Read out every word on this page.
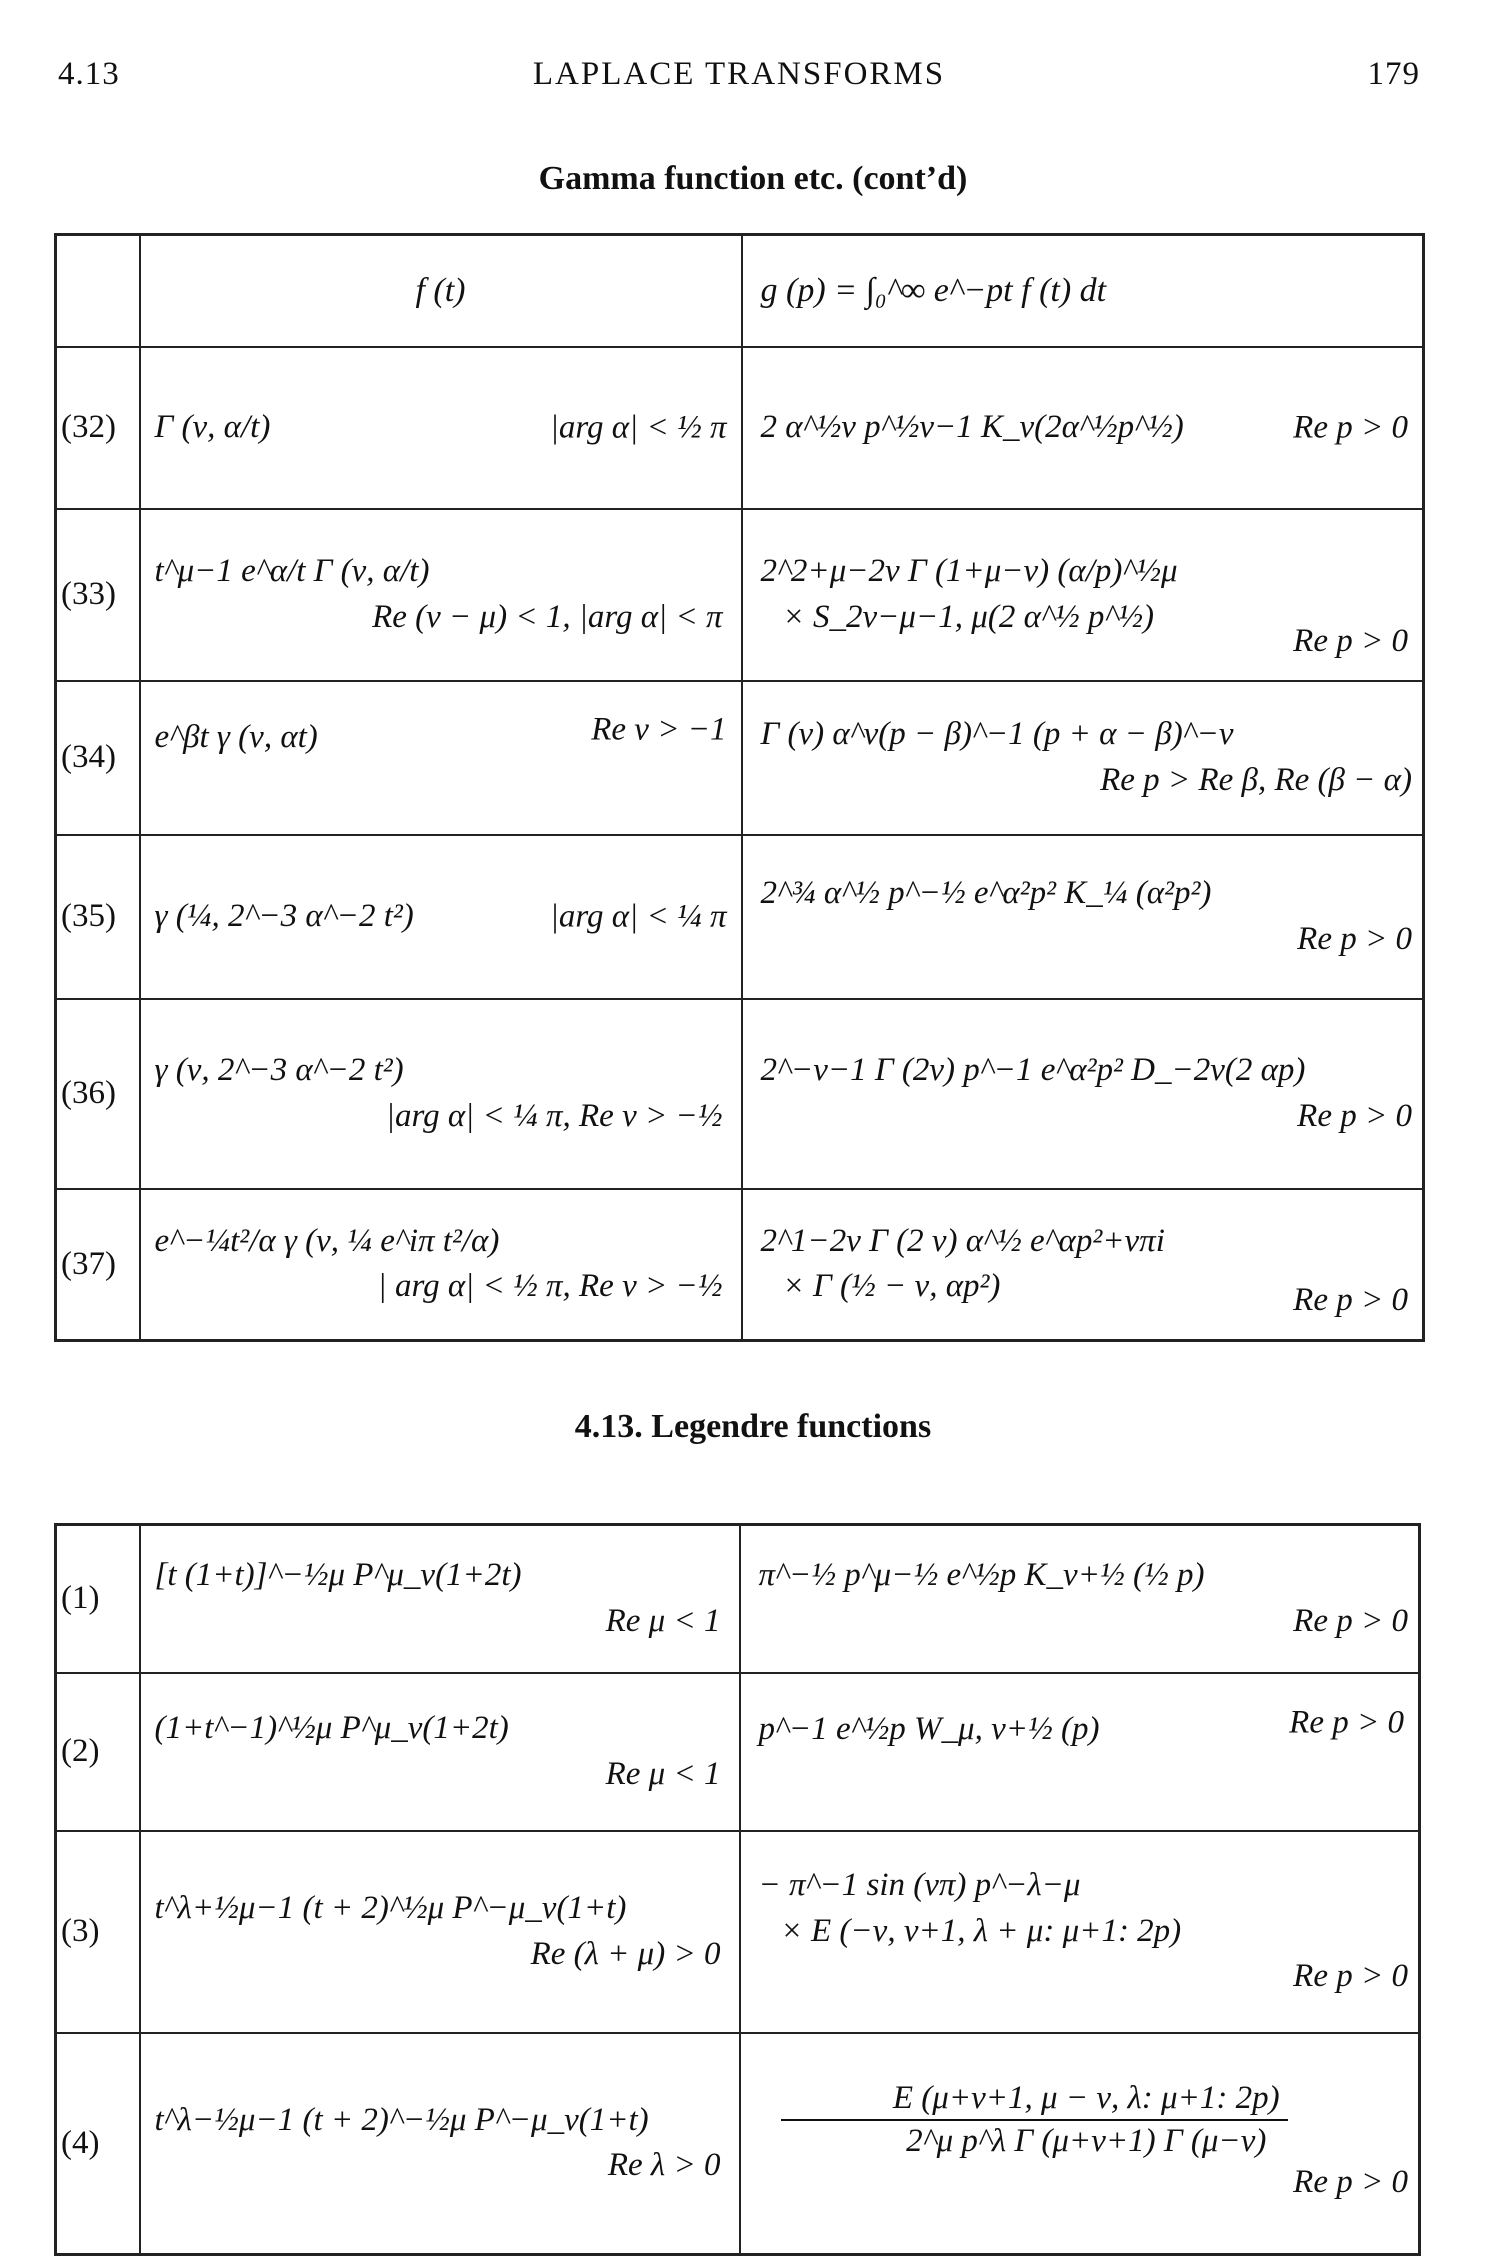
4.13	LAPLACE TRANSFORMS	179
Gamma function etc. (cont’d)
	f (t)	g (p) = ∫₀^∞ e^−pt f (t) dt
(32)	Γ (ν, α/t) |arg α| < ½ π	2 α^½ν p^½ν−1 K_ν(2α^½p^½) Re p > 0

(33)	t^μ−1 e^α/t Γ (ν, α/t)
Re (ν − μ) < 1, |arg α| < π	2^2+μ−2ν Γ (1+μ−ν) (α/p)^½μ
× S_2ν−μ−1, μ(2 α^½ p^½)
Re p > 0

(34)	e^βt γ (ν, αt) Re ν > −1	Γ (ν) α^ν(p − β)^−1 (p + α − β)^−ν
Re p > Re β, Re (β − α)

(35)	γ (¼, 2^−3 α^−2 t²) |arg α| < ¼ π	2^¾ α^½ p^−½ e^α²p² K_¼ (α²p²)
Re p > 0

(36)	γ (ν, 2^−3 α^−2 t²)
|arg α| < ¼ π, Re ν > −½	2^−ν−1 Γ (2ν) p^−1 e^α²p² D_−2ν(2 αp)
Re p > 0

(37)	e^−¼t²/α γ (ν, ¼ e^iπ t²/α)
| arg α| < ½ π, Re ν > −½	2^1−2ν Γ (2 ν) α^½ e^αp²+νπi
× Γ (½ − ν, αp²) Re p > 0
4.13. Legendre functions
(1)	[t (1+t)]^−½μ P^μ_ν(1+2t)
Re μ < 1	π^−½ p^μ−½ e^½p K_ν+½ (½ p)
Re p > 0

(2)	(1+t^−1)^½μ P^μ_ν(1+2t)
Re μ < 1	p^−1 e^½p W_μ, ν+½ (p) Re p > 0

(3)	t^λ+½μ−1 (t + 2)^½μ P^−μ_ν(1+t)
Re (λ + μ) > 0	− π^−1 sin (νπ) p^−λ−μ
× E (−ν, ν+1, λ + μ: μ+1: 2p)
Re p > 0

(4)	t^λ−½μ−1 (t + 2)^−½μ P^−μ_ν(1+t)
Re λ > 0	E (μ+ν+1, μ − ν, λ: μ+1: 2p)
2^μ p^λ Γ (μ+ν+1) Γ (μ−ν)
Re p > 0
